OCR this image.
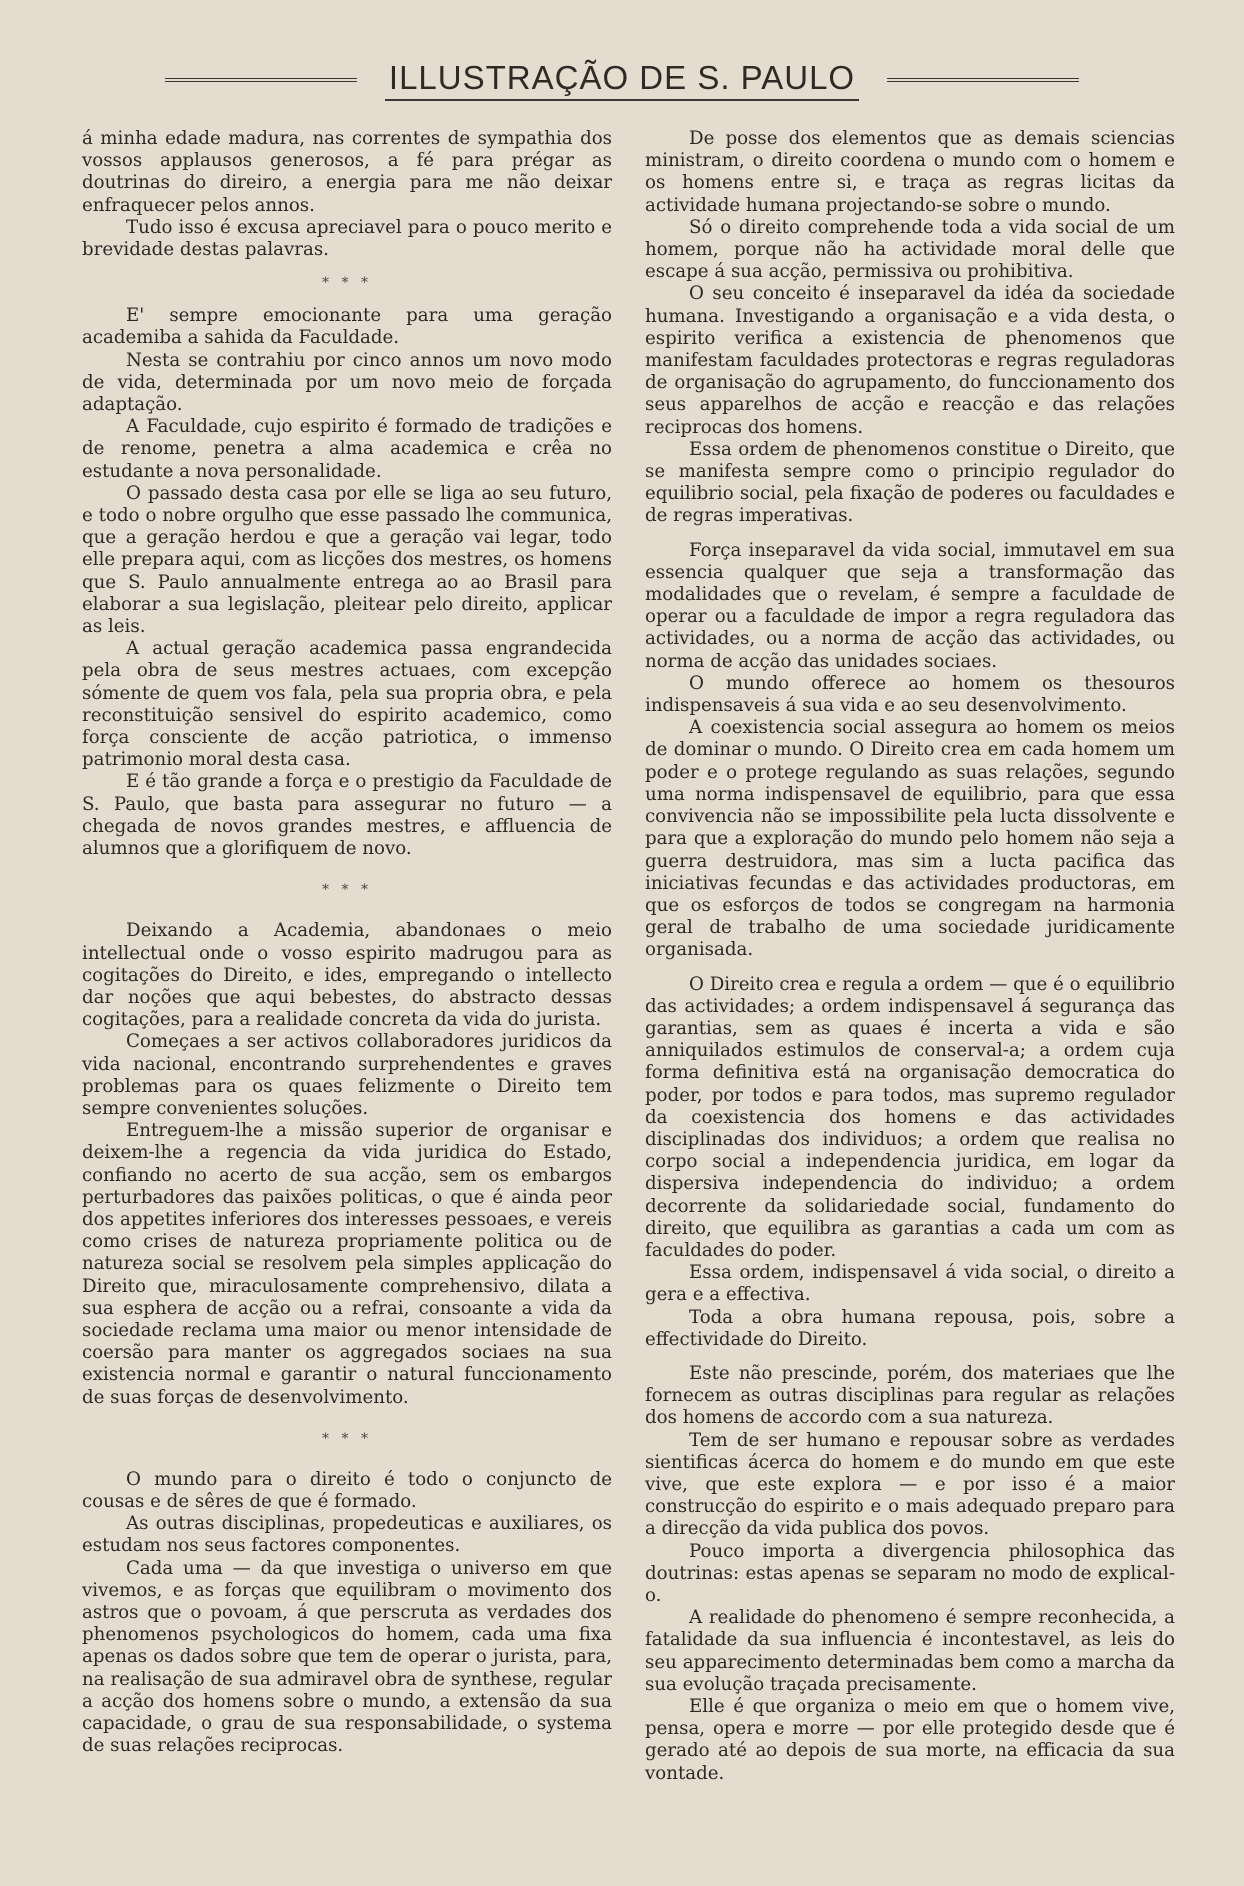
ILLUSTRAÇÃO DE S. PAULO

á minha edade madura, nas correntes de sympathia dos vossos applausos generosos, a fé para prégar as doutrinas do direiro, a energia para me não deixar enfraquecer pelos annos.

Tudo isso é excusa apreciavel para o pouco merito e brevidade destas palavras.

* * *

E' sempre emocionante para uma geração academiba a sahida da Faculdade.

Nesta se contrahiu por cinco annos um novo modo de vida, determinada por um novo meio de forçada adaptação.

A Faculdade, cujo espirito é formado de tradições e de renome, penetra a alma academica e crêa no estudante a nova personalidade.

O passado desta casa por elle se liga ao seu futuro, e todo o nobre orgulho que esse passado lhe communica, que a geração herdou e que a geração vai legar, todo elle prepara aqui, com as licções dos mestres, os homens que S. Paulo annualmente entrega ao ao Brasil para elaborar a sua legislação, pleitear pelo direito, applicar as leis.

A actual geração academica passa engrandecida pela obra de seus mestres actuaes, com excepção sómente de quem vos fala, pela sua propria obra, e pela reconstituição sensivel do espirito academico, como força consciente de acção patriotica, o immenso patrimonio moral desta casa.

E é tão grande a força e o prestigio da Faculdade de S. Paulo, que basta para assegurar no futuro — a chegada de novos grandes mestres, e affluencia de alumnos que a glorifiquem de novo.

* * *

Deixando a Academia, abandonaes o meio intellectual onde o vosso espirito madrugou para as cogitações do Direito, e ides, empregando o intellecto dar noções que aqui bebestes, do abstracto dessas cogitações, para a realidade concreta da vida do jurista.

Começaes a ser activos collaboradores juridicos da vida nacional, encontrando surprehendentes e graves problemas para os quaes felizmente o Direito tem sempre convenientes soluções.

Entreguem-lhe a missão superior de organisar e deixem-lhe a regencia da vida juridica do Estado, confiando no acerto de sua acção, sem os embargos perturbadores das paixões politicas, o que é ainda peor dos appetites inferiores dos interesses pessoaes, e vereis como crises de natureza propriamente politica ou de natureza social se resolvem pela simples applicação do Direito que, miraculosamente comprehensivo, dilata a sua esphera de acção ou a refrai, consoante a vida da sociedade reclama uma maior ou menor intensidade de coersão para manter os aggregados sociaes na sua existencia normal e garantir o natural funccionamento de suas forças de desenvolvimento.

* * *

O mundo para o direito é todo o conjuncto de cousas e de sêres de que é formado.

As outras disciplinas, propedeuticas e auxiliares, os estudam nos seus factores componentes.

Cada uma — da que investiga o universo em que vivemos, e as forças que equilibram o movimento dos astros que o povoam, á que perscruta as verdades dos phenomenos psychologicos do homem, cada uma fixa apenas os dados sobre que tem de operar o jurista, para, na realisação de sua admiravel obra de synthese, regular a acção dos homens sobre o mundo, a extensão da sua capacidade, o grau de sua responsabilidade, o systema de suas relações reciprocas.

De posse dos elementos que as demais sciencias ministram, o direito coordena o mundo com o homem e os homens entre si, e traça as regras licitas da actividade humana projectando-se sobre o mundo.

Só o direito comprehende toda a vida social de um homem, porque não ha actividade moral delle que escape á sua acção, permissiva ou prohibitiva.

O seu conceito é inseparavel da idéa da sociedade humana. Investigando a organisação e a vida desta, o espirito verifica a existencia de phenomenos que manifestam faculdades protectoras e regras reguladoras de organisação do agrupamento, do funccionamento dos seus apparelhos de acção e reacção e das relações reciprocas dos homens.

Essa ordem de phenomenos constitue o Direito, que se manifesta sempre como o principio regulador do equilibrio social, pela fixação de poderes ou faculdades e de regras imperativas.

Força inseparavel da vida social, immutavel em sua essencia qualquer que seja a transformação das modalidades que o revelam, é sempre a faculdade de operar ou a faculdade de impor a regra reguladora das actividades, ou a norma de acção das actividades, ou norma de acção das unidades sociaes.

O mundo offerece ao homem os thesouros indispensaveis á sua vida e ao seu desenvolvimento.

A coexistencia social assegura ao homem os meios de dominar o mundo. O Direito crea em cada homem um poder e o protege regulando as suas relações, segundo uma norma indispensavel de equilibrio, para que essa convivencia não se impossibilite pela lucta dissolvente e para que a exploração do mundo pelo homem não seja a guerra destruidora, mas sim a lucta pacifica das iniciativas fecundas e das actividades productoras, em que os esforços de todos se congregam na harmonia geral de trabalho de uma sociedade juridicamente organisada.

O Direito crea e regula a ordem — que é o equilibrio das actividades; a ordem indispensavel á segurança das garantias, sem as quaes é incerta a vida e são anniquilados estimulos de conserval-a; a ordem cuja forma definitiva está na organisação democratica do poder, por todos e para todos, mas supremo regulador da coexistencia dos homens e das actividades disciplinadas dos individuos; a ordem que realisa no corpo social a independencia juridica, em logar da dispersiva independencia do individuo; a ordem decorrente da solidariedade social, fundamento do direito, que equilibra as garantias a cada um com as faculdades do poder.

Essa ordem, indispensavel á vida social, o direito a gera e a effectiva.

Toda a obra humana repousa, pois, sobre a effectividade do Direito.

Este não prescinde, porém, dos materiaes que lhe fornecem as outras disciplinas para regular as relações dos homens de accordo com a sua natureza.

Tem de ser humano e repousar sobre as verdades sientificas ácerca do homem e do mundo em que este vive, que este explora — e por isso é a maior construcção do espirito e o mais adequado preparo para a direcção da vida publica dos povos.

Pouco importa a divergencia philosophica das doutrinas: estas apenas se separam no modo de explical-o.

A realidade do phenomeno é sempre reconhecida, a fatalidade da sua influencia é incontestavel, as leis do seu apparecimento determinadas bem como a marcha da sua evolução traçada precisamente.

Elle é que organiza o meio em que o homem vive, pensa, opera e morre — por elle protegido desde que é gerado até ao depois de sua morte, na efficacia da sua vontade.
